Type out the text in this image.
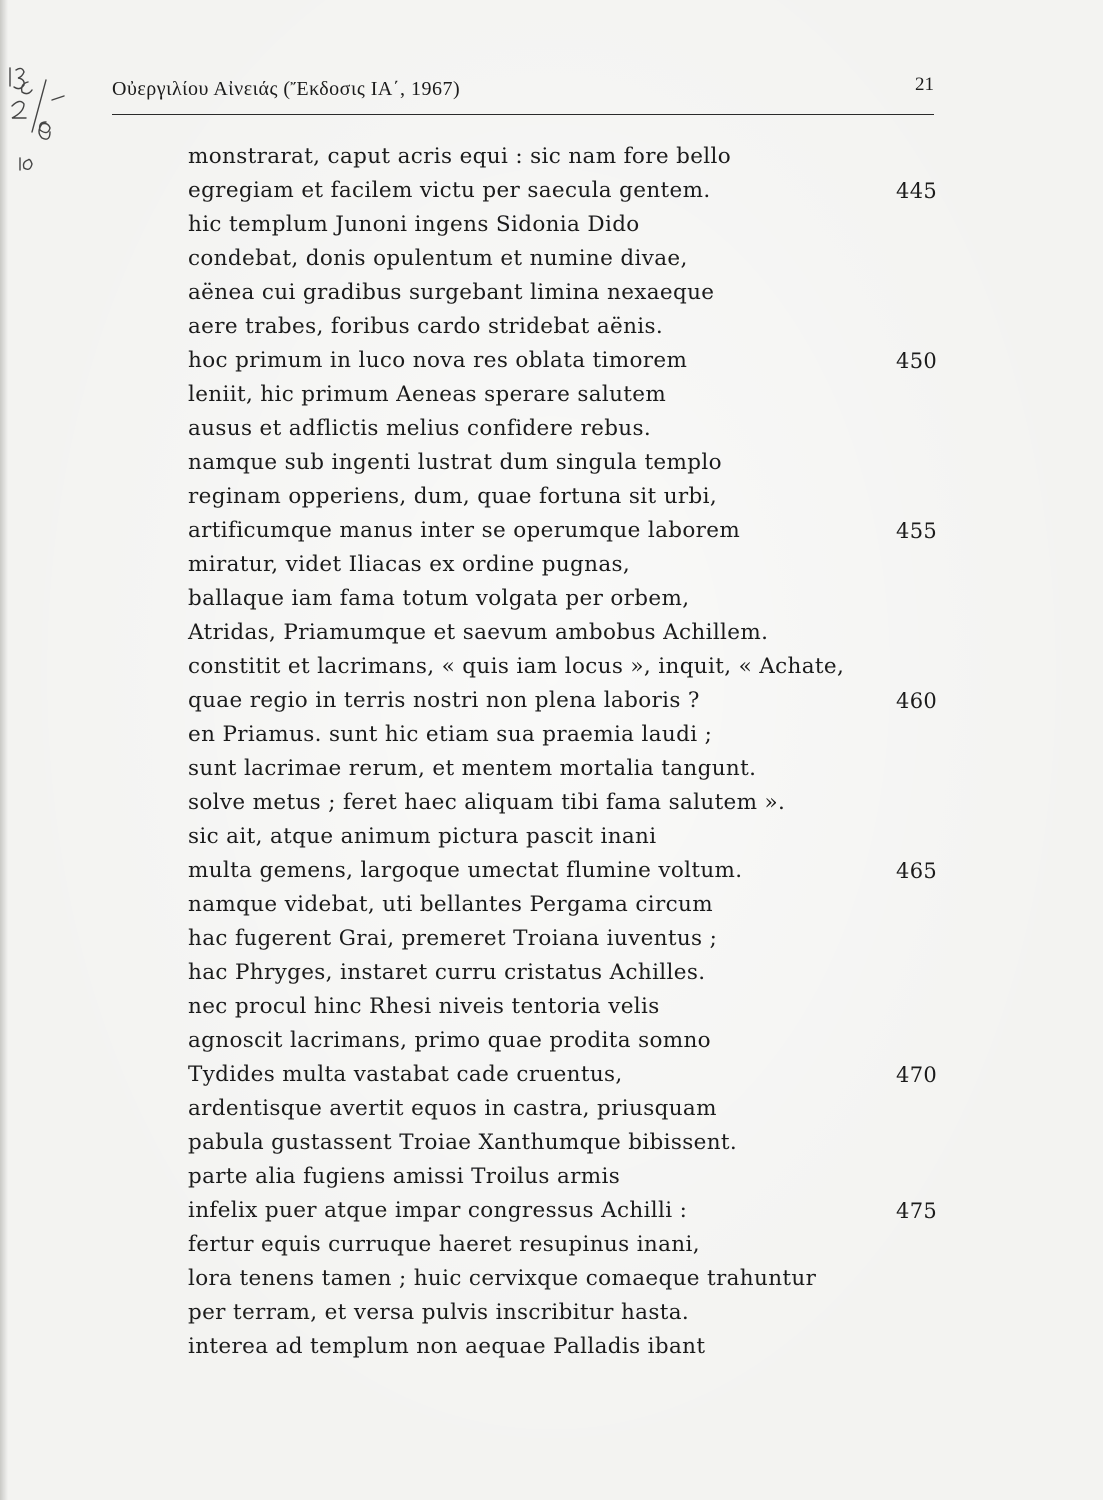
Οὐεργιλίου Αἰνειάς (Ἔκδοσις ΙΑ΄, 1967)	21
monstrarat, caput acris equi : sic nam fore bello
egregiam et facilem victu per saecula gentem.	445
hic templum Junoni ingens Sidonia Dido
condebat, donis opulentum et numine divae,
aënea cui gradibus surgebant limina nexaeque
aere trabes, foribus cardo stridebat aënis.
hoc primum in luco nova res oblata timorem	450
leniit, hic primum Aeneas sperare salutem
ausus et adflictis melius confidere rebus.
namque sub ingenti lustrat dum singula templo
reginam opperiens, dum, quae fortuna sit urbi,
artificumque manus inter se operumque laborem	455
miratur, videt Iliacas ex ordine pugnas,
ballaque iam fama totum volgata per orbem,
Atridas, Priamumque et saevum ambobus Achillem.
constitit et lacrimans, « quis iam locus », inquit, « Achate,
quae regio in terris nostri non plena laboris ?	460
en Priamus. sunt hic etiam sua praemia laudi ;
sunt lacrimae rerum, et mentem mortalia tangunt.
solve metus ; feret haec aliquam tibi fama salutem ».
sic ait, atque animum pictura pascit inani
multa gemens, largoque umectat flumine voltum.	465
namque videbat, uti bellantes Pergama circum
hac fugerent Grai, premeret Troiana iuventus ;
hac Phryges, instaret curru cristatus Achilles.
nec procul hinc Rhesi niveis tentoria velis
agnoscit lacrimans, primo quae prodita somno
Tydides multa vastabat cade cruentus,	470
ardentisque avertit equos in castra, priusquam
pabula gustassent Troiae Xanthumque bibissent.
parte alia fugiens amissi Troilus armis
infelix puer atque impar congressus Achilli :	475
fertur equis curruque haeret resupinus inani,
lora tenens tamen ; huic cervixque comaeque trahuntur
per terram, et versa pulvis inscribitur hasta.
interea ad templum non aequae Palladis ibant
